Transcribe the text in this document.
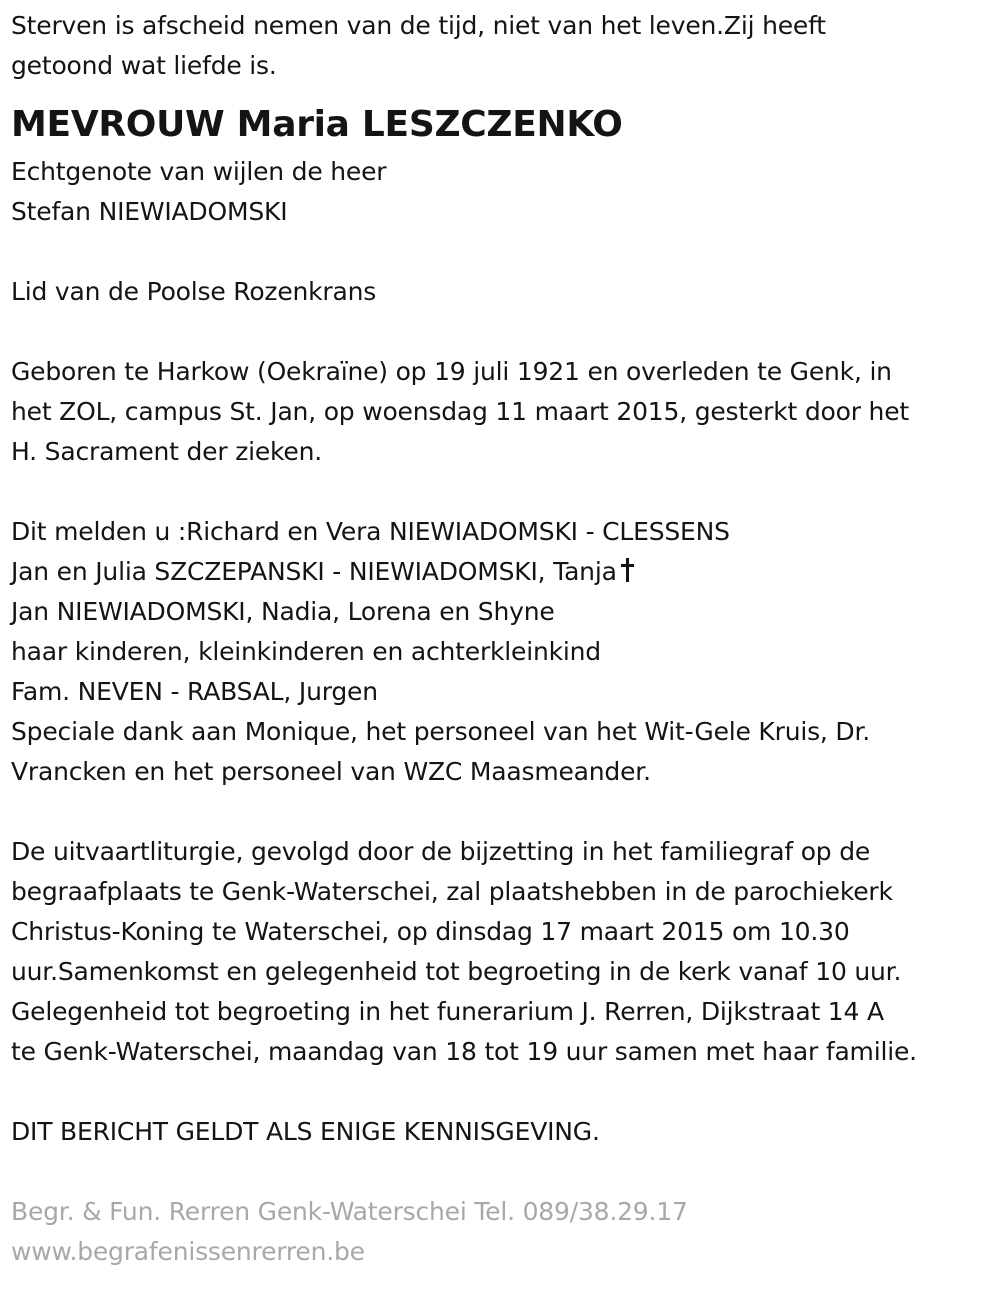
Sterven is afscheid nemen van de tijd, niet van het leven.Zij heeft
getoond wat liefde is.
MEVROUW Maria LESZCZENKO
Echtgenote van wijlen de heer
Stefan NIEWIADOMSKI
Lid van de Poolse Rozenkrans
Geboren te Harkow (Oekraïne) op 19 juli 1921 en overleden te Genk, in
het ZOL, campus St. Jan, op woensdag 11 maart 2015, gesterkt door het
H. Sacrament der zieken.
Dit melden u :Richard en Vera NIEWIADOMSKI - CLESSENS
Jan en Julia SZCZEPANSKI - NIEWIADOMSKI, Tanja
Jan NIEWIADOMSKI, Nadia, Lorena en Shyne
haar kinderen, kleinkinderen en achterkleinkind
Fam. NEVEN - RABSAL, Jurgen
Speciale dank aan Monique, het personeel van het Wit-Gele Kruis, Dr.
Vrancken en het personeel van WZC Maasmeander.
De uitvaartliturgie, gevolgd door de bijzetting in het familiegraf op de
begraafplaats te Genk-Waterschei, zal plaatshebben in de parochiekerk
Christus-Koning te Waterschei, op dinsdag 17 maart 2015 om 10.30
uur.Samenkomst en gelegenheid tot begroeting in de kerk vanaf 10 uur.
Gelegenheid tot begroeting in het funerarium J. Rerren, Dijkstraat 14 A
te Genk-Waterschei, maandag van 18 tot 19 uur samen met haar familie.
DIT BERICHT GELDT ALS ENIGE KENNISGEVING.
Begr. & Fun. Rerren Genk-Waterschei Tel. 089/38.29.17
www.begrafenissenrerren.be
